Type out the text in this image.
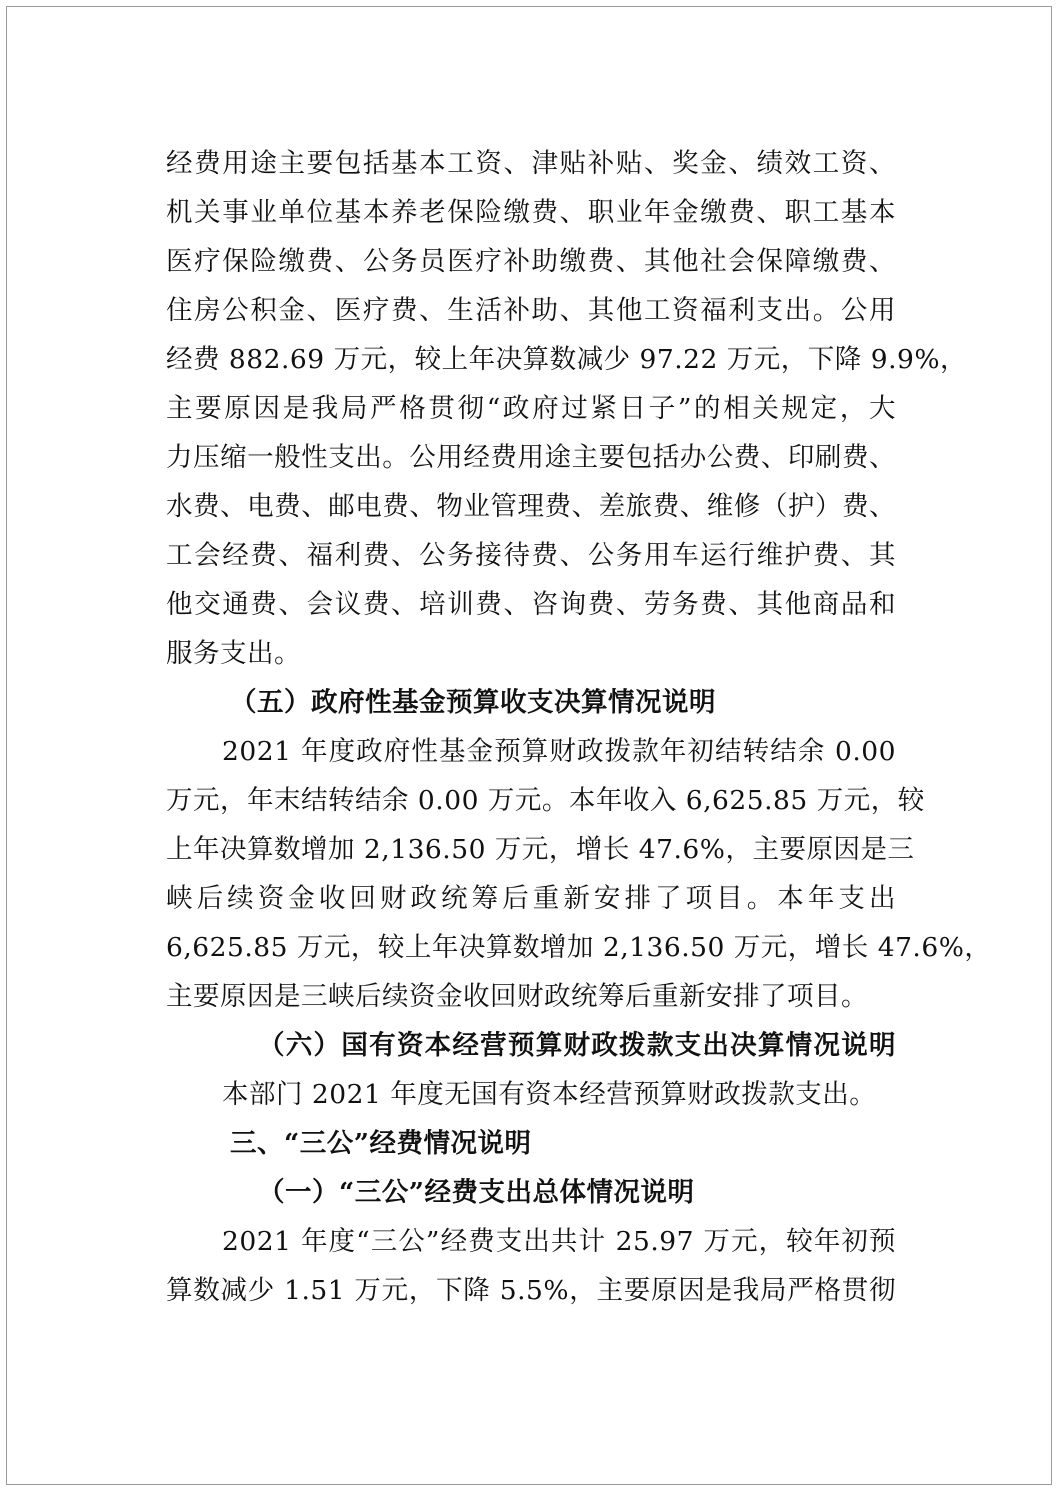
经费用途主要包括基本工资、津贴补贴、奖金、绩效工资、
机关事业单位基本养老保险缴费、职业年金缴费、职工基本
医疗保险缴费、公务员医疗补助缴费、其他社会保障缴费、
住房公积金、医疗费、生活补助、其他工资福利支出。公用
经费 882.69 万元，较上年决算数减少 97.22 万元，下降 9.9%，
主要原因是我局严格贯彻“政府过紧日子”的相关规定，大
力压缩一般性支出。公用经费用途主要包括办公费、印刷费、
水费、电费、邮电费、物业管理费、差旅费、维修（护）费、
工会经费、福利费、公务接待费、公务用车运行维护费、其
他交通费、会议费、培训费、咨询费、劳务费、其他商品和
服务支出。
（五）政府性基金预算收支决算情况说明
2021 年度政府性基金预算财政拨款年初结转结余 0.00
万元，年末结转结余 0.00 万元。本年收入 6,625.85 万元，较
上年决算数增加 2,136.50 万元，增长 47.6%，主要原因是三
峡后续资金收回财政统筹后重新安排了项目。本年支出
6,625.85 万元，较上年决算数增加 2,136.50 万元，增长 47.6%，
主要原因是三峡后续资金收回财政统筹后重新安排了项目。
（六）国有资本经营预算财政拨款支出决算情况说明
本部门 2021 年度无国有资本经营预算财政拨款支出。
三、“三公”经费情况说明
（一）“三公”经费支出总体情况说明
2021 年度“三公”经费支出共计 25.97 万元，较年初预
算数减少 1.51 万元，下降 5.5%，主要原因是我局严格贯彻
